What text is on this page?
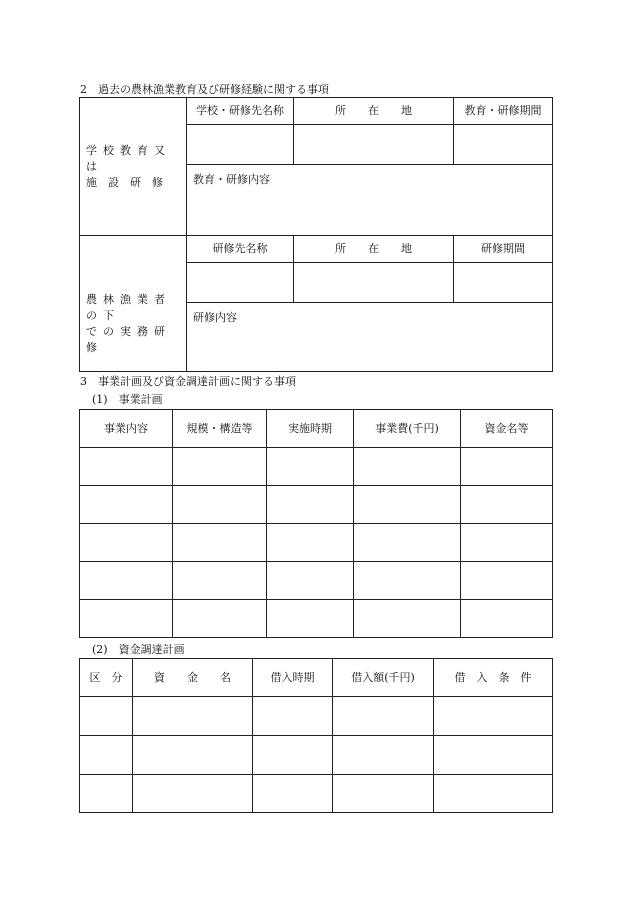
2　過去の農林漁業教育及び研修経験に関する事項
学校教育又は
施　設　研　修	学校・研修先名称	所　　在　　地	教育・研修期間

	教育・研修内容		

農林漁業者の下
での実務研修	研修先名称	所　　在　　地	研修期間

	研修内容		
3　事業計画及び資金調達計画に関する事項
(1)　事業計画
事業内容	規模・構造等	実施時期	事業費(千円)	資金名等

(2)　資金調達計画
区　分	資　　金　　名	借入時期	借入額(千円)	借　入　条　件
